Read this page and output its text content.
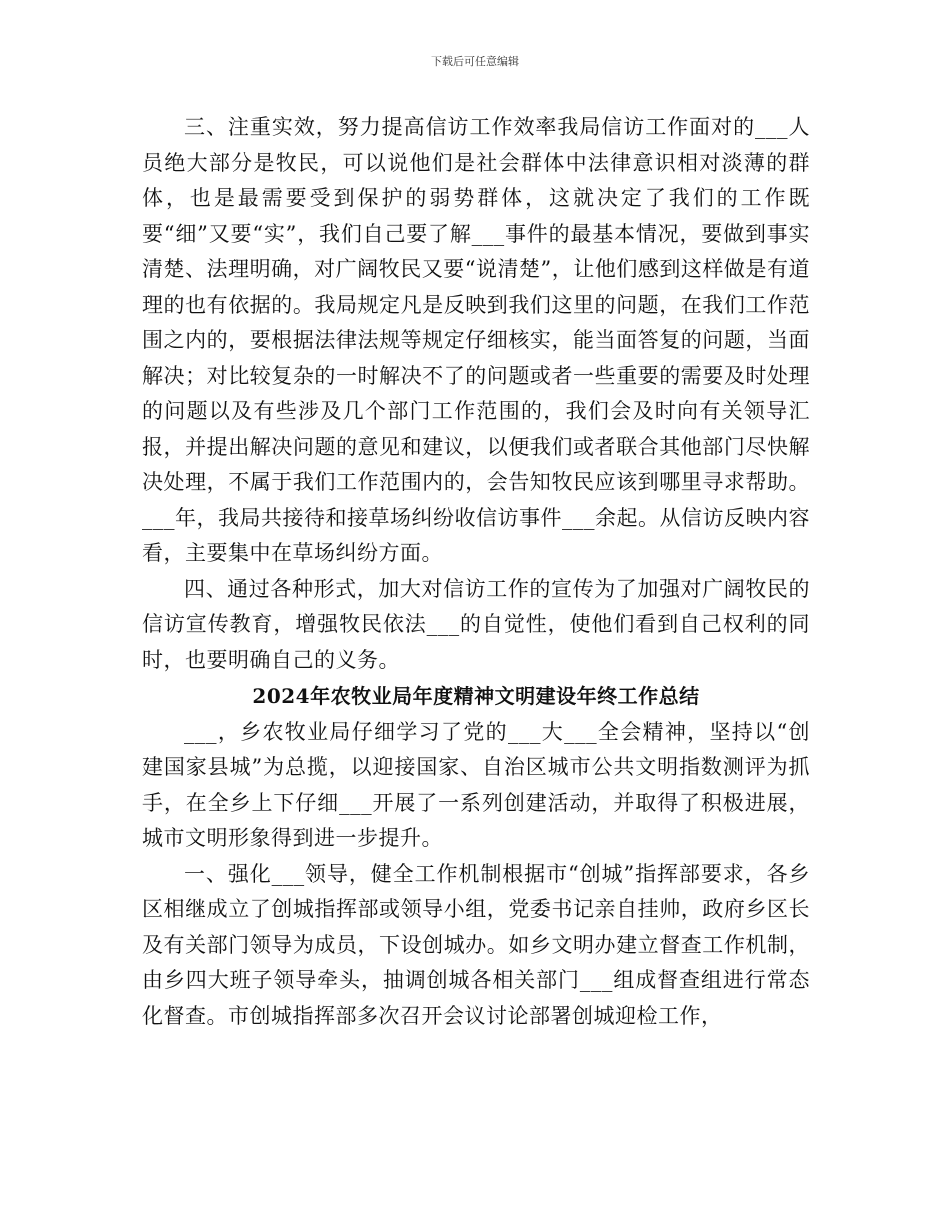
下载后可任意编辑

三、注重实效，努力提高信访工作效率我局信访工作面对的___人员绝大部分是牧民，可以说他们是社会群体中法律意识相对淡薄的群体，也是最需要受到保护的弱势群体，这就决定了我们的工作既要“细”又要“实”，我们自己要了解___事件的最基本情况，要做到事实清楚、法理明确，对广阔牧民又要“说清楚”，让他们感到这样做是有道理的也有依据的。我局规定凡是反映到我们这里的问题，在我们工作范围之内的，要根据法律法规等规定仔细核实，能当面答复的问题，当面解决；对比较复杂的一时解决不了的问题或者一些重要的需要及时处理的问题以及有些涉及几个部门工作范围的，我们会及时向有关领导汇报，并提出解决问题的意见和建议，以便我们或者联合其他部门尽快解决处理，不属于我们工作范围内的，会告知牧民应该到哪里寻求帮助。___年，我局共接待和接草场纠纷收信访事件___余起。从信访反映内容看，主要集中在草场纠纷方面。

四、通过各种形式，加大对信访工作的宣传为了加强对广阔牧民的信访宣传教育，增强牧民依法___的自觉性，使他们看到自己权利的同时，也要明确自己的义务。

2024年农牧业局年度精神文明建设年终工作总结

___，乡农牧业局仔细学习了党的___大___全会精神，坚持以“创建国家县城”为总揽，以迎接国家、自治区城市公共文明指数测评为抓手，在全乡上下仔细___开展了一系列创建活动，并取得了积极进展，城市文明形象得到进一步提升。

一、强化___领导，健全工作机制根据市“创城”指挥部要求，各乡区相继成立了创城指挥部或领导小组，党委书记亲自挂帅，政府乡区长及有关部门领导为成员，下设创城办。如乡文明办建立督查工作机制，由乡四大班子领导牵头，抽调创城各相关部门___组成督查组进行常态化督查。市创城指挥部多次召开会议讨论部署创城迎检工作，
